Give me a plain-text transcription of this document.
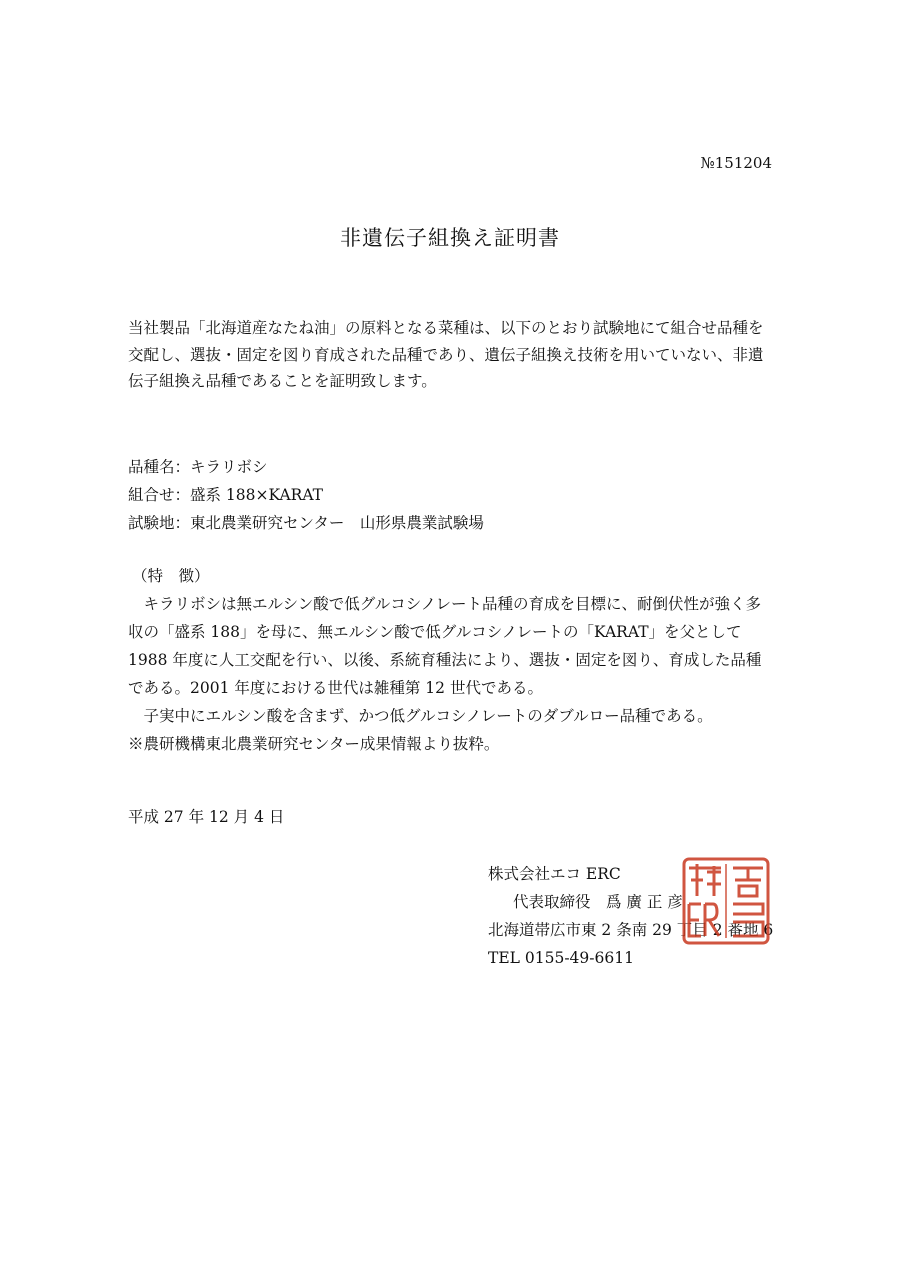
№151204
非遺伝子組換え証明書

当社製品「北海道産なたね油」の原料となる菜種は、以下のとおり試験地にて組合せ品種を交配し、選抜・固定を図り育成された品種であり、遺伝子組換え技術を用いていない、非遺伝子組換え品種であることを証明致します。

品種名：キラリボシ
組合せ：盛系 188×KARAT
試験地：東北農業研究センター　山形県農業試験場

（特　徴）

キラリボシは無エルシン酸で低グルコシノレート品種の育成を目標に、耐倒伏性が強く多収の「盛系 188」を母に、無エルシン酸で低グルコシノレートの「KARAT」を父として 1988 年度に人工交配を行い、以後、系統育種法により、選抜・固定を図り、育成した品種である。2001 年度における世代は雑種第 12 世代である。

子実中にエルシン酸を含まず、かつ低グルコシノレートのダブルロー品種である。

※農研機構東北農業研究センター成果情報より抜粋。

平成 27 年 12 月 4 日
株式会社エコ ERC
代表取締役　爲 廣 正 彦
北海道帯広市東 2 条南 29 丁目 2 番地 6
TEL 0155-49-6611
